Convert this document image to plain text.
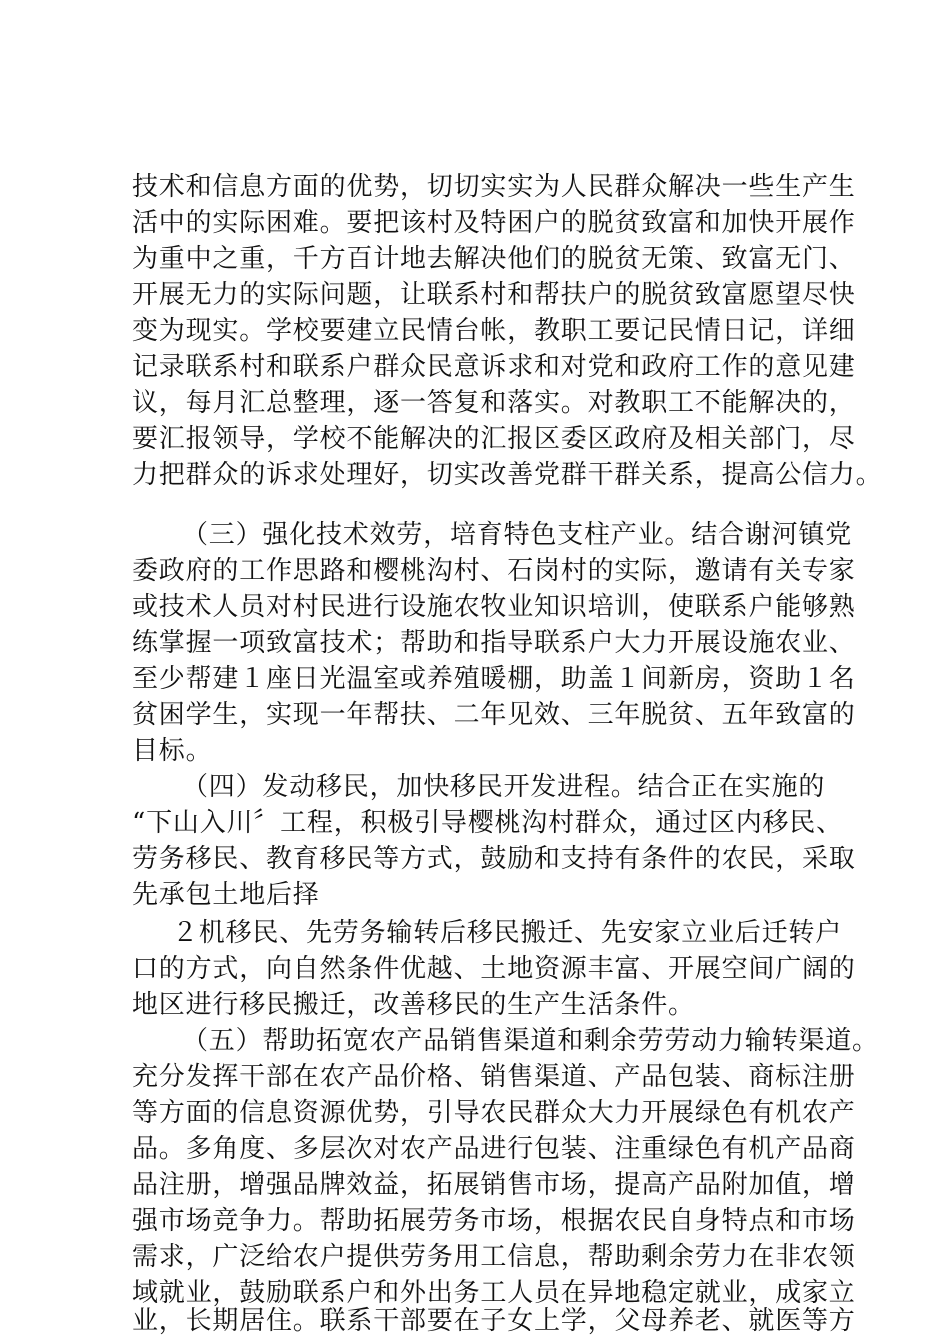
技术和信息方面的优势，切切实实为人民群众解决一些生产生
活中的实际困难。要把该村及特困户的脱贫致富和加快开展作
为重中之重，千方百计地去解决他们的脱贫无策、致富无门、
开展无力的实际问题，让联系村和帮扶户的脱贫致富愿望尽快
变为现实。学校要建立民情台帐，教职工要记民情日记，详细
记录联系村和联系户群众民意诉求和对党和政府工作的意见建
议，每月汇总整理，逐一答复和落实。对教职工不能解决的，
要汇报领导，学校不能解决的汇报区委区政府及相关部门，尽
力把群众的诉求处理好，切实改善党群干群关系，提高公信力。
（三）强化技术效劳，培育特色支柱产业。结合谢河镇党
委政府的工作思路和樱桃沟村、石岗村的实际，邀请有关专家
或技术人员对村民进行设施农牧业知识培训，使联系户能够熟
练掌握一项致富技术；帮助和指导联系户大力开展设施农业、
至少帮建１座日光温室或养殖暖棚，助盖１间新房，资助１名
贫困学生，实现一年帮扶、二年见效、三年脱贫、五年致富的
目标。
（四）发动移民，加快移民开发进程。结合正在实施的
“下山入川〞工程，积极引导樱桃沟村群众，通过区内移民、
劳务移民、教育移民等方式，鼓励和支持有条件的农民，采取
先承包土地后择
２机移民、先劳务输转后移民搬迁、先安家立业后迁转户
口的方式，向自然条件优越、土地资源丰富、开展空间广阔的
地区进行移民搬迁，改善移民的生产生活条件。
（五）帮助拓宽农产品销售渠道和剩余劳劳动力输转渠道。
充分发挥干部在农产品价格、销售渠道、产品包装、商标注册
等方面的信息资源优势，引导农民群众大力开展绿色有机农产
品。多角度、多层次对农产品进行包装、注重绿色有机产品商
品注册，增强品牌效益，拓展销售市场，提高产品附加值，增
强市场竞争力。帮助拓展劳务市场，根据农民自身特点和市场
需求，广泛给农户提供劳务用工信息，帮助剩余劳力在非农领
域就业，鼓励联系户和外出务工人员在异地稳定就业，成家立
业，长期居住。联系干部要在子女上学，父母养老、就医等方
